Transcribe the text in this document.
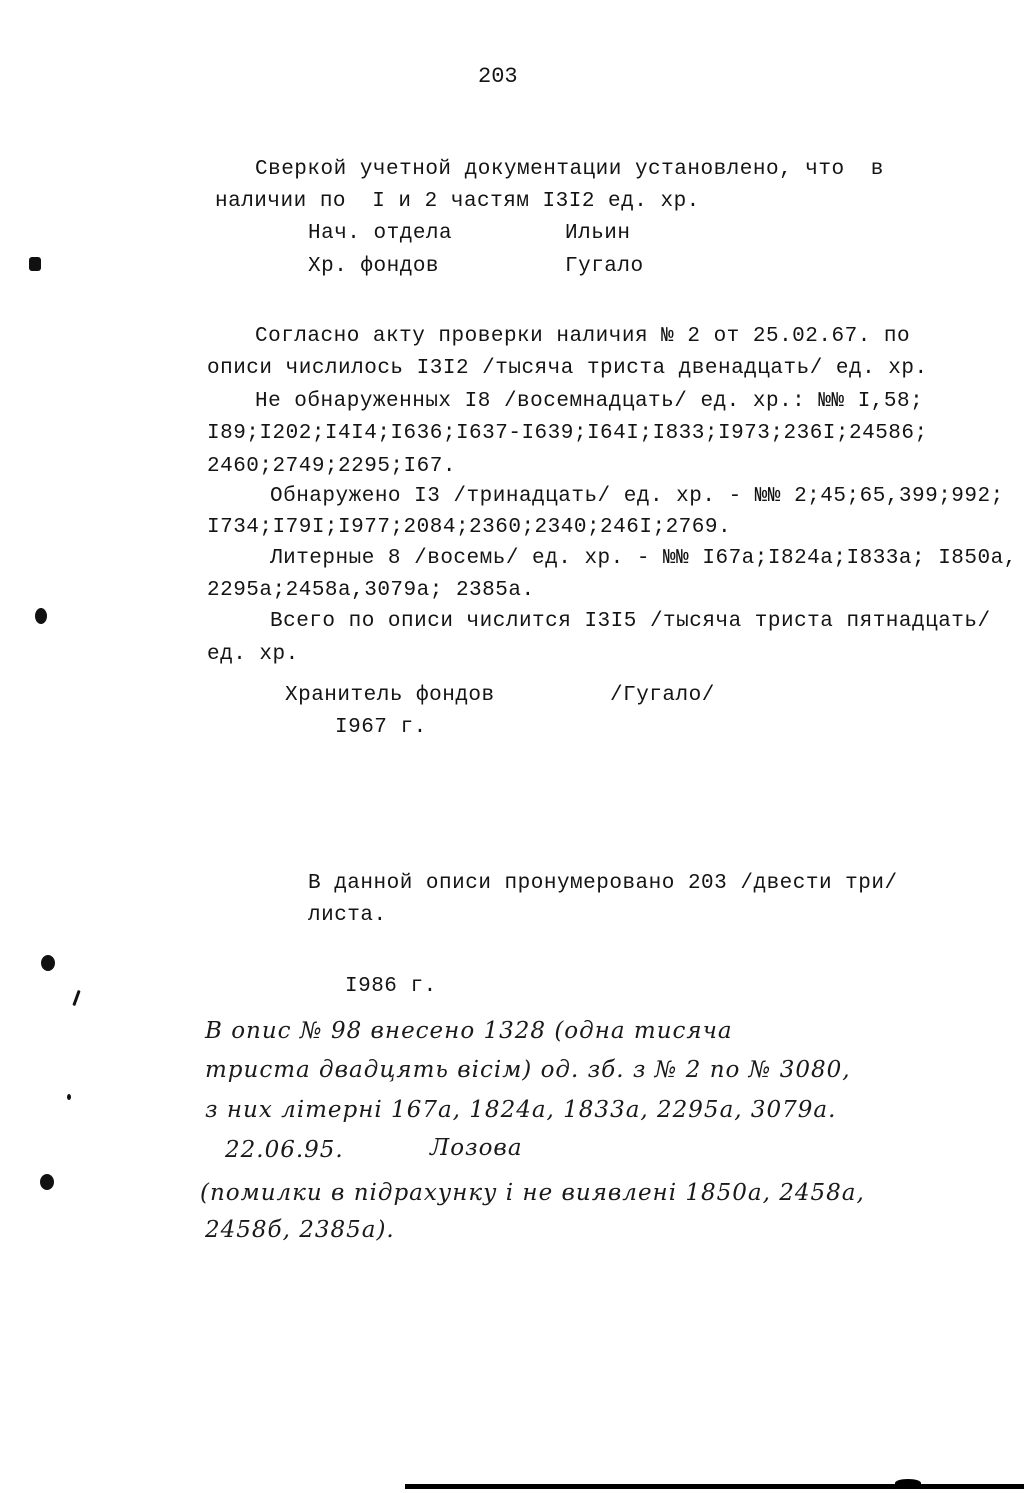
203
Сверкой учетной документации установлено, что  в
наличии по  I и 2 частям I3I2 ед. хр.
Нач. отдела	Ильин
Хр. фондов	Гугало
Согласно акту проверки наличия № 2 от 25.02.67. по
описи числилось I3I2 /тысяча триста двенадцать/ ед. хр.
Не обнаруженных I8 /восемнадцать/ ед. хр.: №№ I,58;
I89;I202;I4I4;I636;I637-I639;I64I;I833;I973;236I;24586;
2460;2749;2295;I67.
Обнаружено I3 /тринадцать/ ед. хр. - №№ 2;45;65,399;992;
I734;I79I;I977;2084;2360;2340;246I;2769.
Литерные 8 /восемь/ ед. хр. - №№ I67а;I824а;I833а; I850а,
2295а;2458а,3079а; 2385а.
Всего по описи числится I3I5 /тысяча триста пятнадцать/
ед. хр.
Хранитель фондов	/Гугало/
I967 г.
В данной описи пронумеровано 203 /двести три/
листа.
I986 г.
В опис № 98 внесено 1328 (одна тисяча
триста двадцять вісім) од. зб. з № 2 по № 3080,
з них літерні 167а, 1824а, 1833а, 2295а, 3079а.
22.06.95.	Лозова
(помилки в підрахунку і не виявлені 1850а, 2458а,
2458б, 2385а).
